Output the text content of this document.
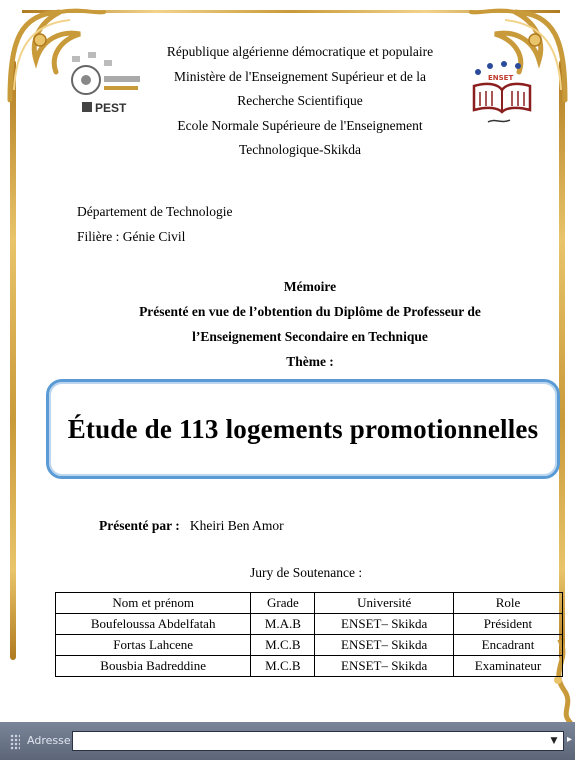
PEST
ENSET
République algérienne démocratique et populaire
Ministère de l'Enseignement Supérieur et de la
Recherche Scientifique
Ecole Normale Supérieure de l'Enseignement
Technologique-Skikda
Département de Technologie
Filière : Génie Civil
Mémoire
Présenté en vue de l’obtention du Diplôme de Professeur de
l’Enseignement Secondaire en Technique
Thème :
Étude de 113 logements promotionnelles
Présenté par : Kheiri Ben Amor
Jury de Soutenance :
Nom et prénom	Grade	Université	Role
Boufeloussa Abdelfatah	M.A.B	ENSET– Skikda	Président
Fortas Lahcene	M.C.B	ENSET– Skikda	Encadrant
Bousbia Badreddine	M.C.B	ENSET– Skikda	Examinateur
Adresse	▼ ▸
